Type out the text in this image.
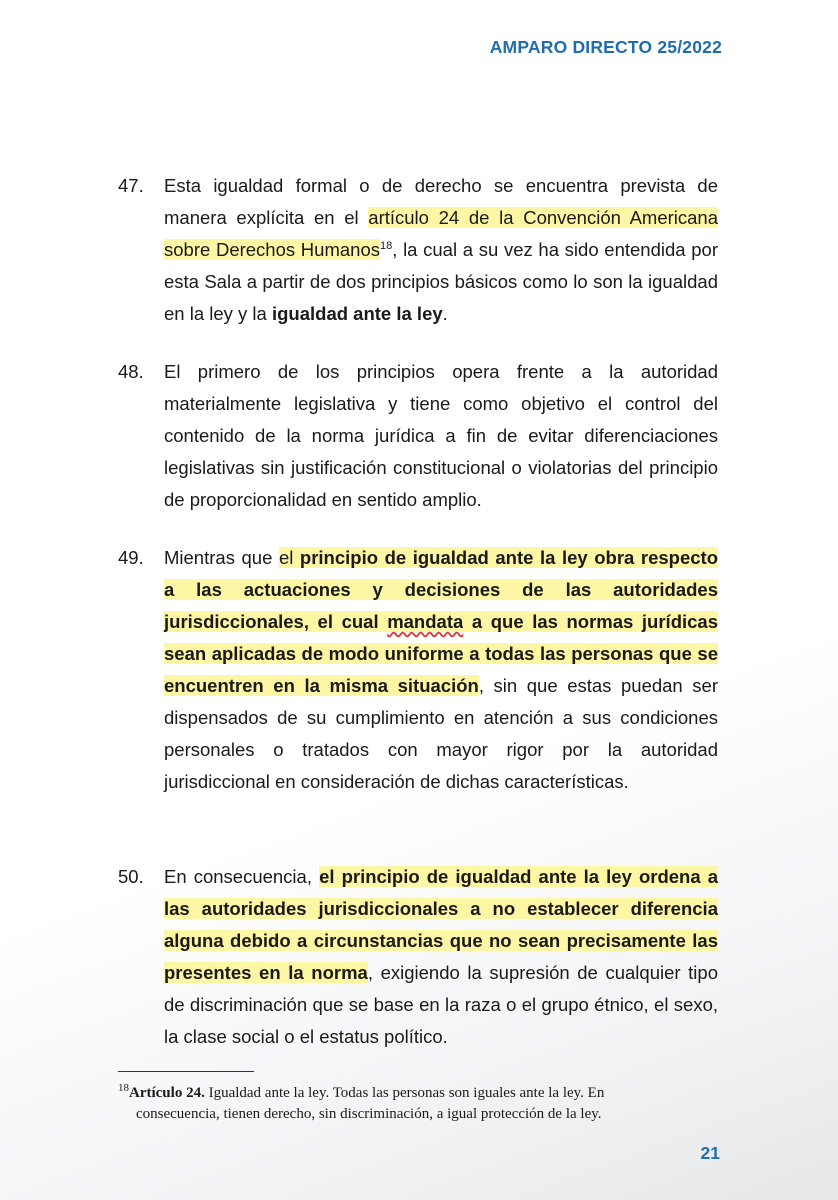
AMPARO DIRECTO 25/2022
47.	Esta igualdad formal o de derecho se encuentra prevista de manera explícita en el artículo 24 de la Convención Americana sobre Derechos Humanos$^{18}$, la cual a su vez ha sido entendida por esta Sala a partir de dos principios básicos como lo son la igualdad en la ley y la igualdad ante la ley.
48.	El primero de los principios opera frente a la autoridad materialmente legislativa y tiene como objetivo el control del contenido de la norma jurídica a fin de evitar diferenciaciones legislativas sin justificación constitucional o violatorias del principio de proporcionalidad en sentido amplio.
49.	Mientras que el principio de igualdad ante la ley obra respecto a las actuaciones y decisiones de las autoridades jurisdiccionales, el cual mandata a que las normas jurídicas sean aplicadas de modo uniforme a todas las personas que se encuentren en la misma situación, sin que estas puedan ser dispensados de su cumplimiento en atención a sus condiciones personales o tratados con mayor rigor por la autoridad jurisdiccional en consideración de dichas características.
50.	En consecuencia, el principio de igualdad ante la ley ordena a las autoridades jurisdiccionales a no establecer diferencia alguna debido a circunstancias que no sean precisamente las presentes en la norma, exigiendo la supresión de cualquier tipo de discriminación que se base en la raza o el grupo étnico, el sexo, la clase social o el estatus político.
$^{18}$Artículo 24. Igualdad ante la ley. Todas las personas son iguales ante la ley. En
consecuencia, tienen derecho, sin discriminación, a igual protección de la ley.
21
